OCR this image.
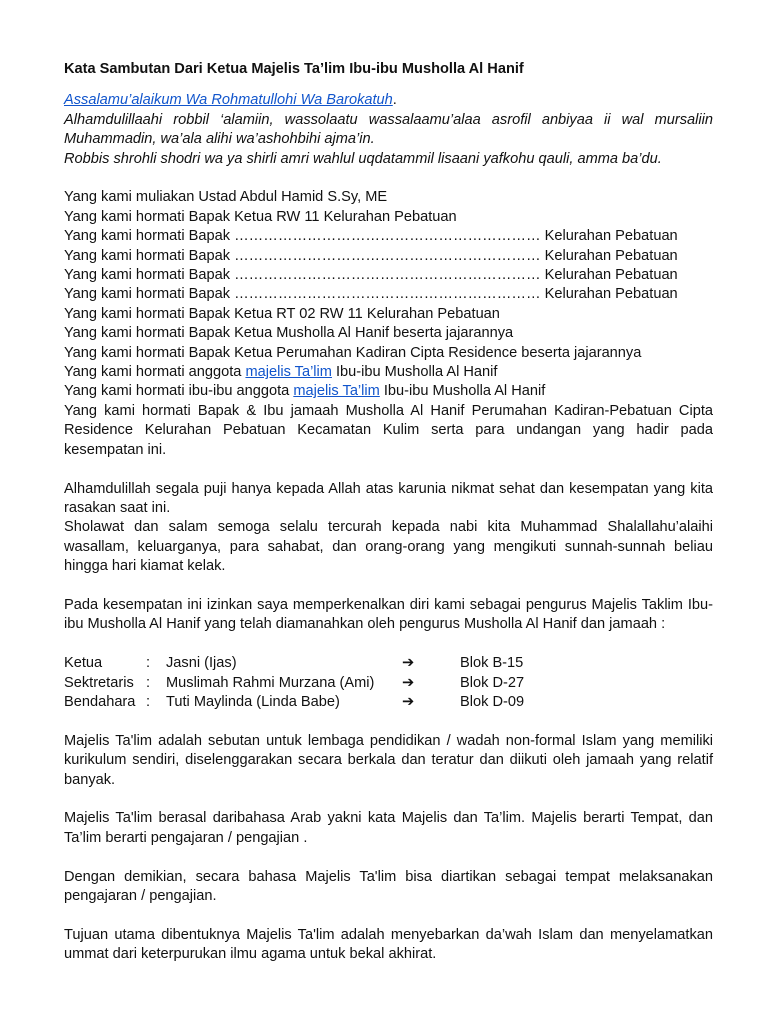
Kata Sambutan Dari Ketua Majelis Ta’lim Ibu-ibu Musholla Al Hanif

Assalamu’alaikum Wa Rohmatullohi Wa Barokatuh.

Alhamdulillaahi robbil ‘alamiin, wassolaatu wassalaamu’alaa asrofil anbiyaa ii wal mursaliin Muhammadin, wa’ala alihi wa’ashohbihi ajma’in.

Robbis shrohli shodri wa ya shirli amri wahlul uqdatammil lisaani yafkohu qauli, amma ba’du.

Yang kami muliakan Ustad Abdul Hamid S.Sy, ME

Yang kami hormati Bapak Ketua RW 11 Kelurahan Pebatuan

Yang kami hormati Bapak ……………………………………………………… Kelurahan Pebatuan

Yang kami hormati Bapak ……………………………………………………… Kelurahan Pebatuan

Yang kami hormati Bapak ……………………………………………………… Kelurahan Pebatuan

Yang kami hormati Bapak ……………………………………………………… Kelurahan Pebatuan

Yang kami hormati Bapak Ketua RT 02 RW 11 Kelurahan Pebatuan

Yang kami hormati Bapak Ketua Musholla Al Hanif beserta jajarannya

Yang kami hormati Bapak Ketua Perumahan Kadiran Cipta Residence beserta jajarannya

Yang kami hormati anggota majelis Ta’lim Ibu-ibu Musholla Al Hanif

Yang kami hormati ibu-ibu anggota majelis Ta’lim Ibu-ibu Musholla Al Hanif

Yang kami hormati Bapak & Ibu jamaah Musholla Al Hanif Perumahan Kadiran-Pebatuan Cipta Residence Kelurahan Pebatuan Kecamatan Kulim serta para undangan yang hadir pada kesempatan ini.

Alhamdulillah segala puji hanya kepada Allah atas karunia nikmat sehat dan kesempatan yang kita rasakan saat ini.

Sholawat dan salam semoga selalu tercurah kepada nabi kita Muhammad Shalallahu’alaihi wasallam, keluarganya, para sahabat, dan orang-orang yang mengikuti sunnah-sunnah beliau hingga hari kiamat kelak.

Pada kesempatan ini izinkan saya memperkenalkan diri kami sebagai pengurus Majelis Taklim Ibu-ibu Musholla Al Hanif yang telah diamanahkan oleh pengurus Musholla Al Hanif dan jamaah :

Ketua	:	Jasni (Ijas)	➔	Blok B-15
Sektretaris	:	Muslimah Rahmi Murzana (Ami)	➔	Blok D-27
Bendahara	:	Tuti Maylinda (Linda Babe)	➔	Blok D-09

Majelis Ta'lim adalah sebutan untuk lembaga pendidikan / wadah non-formal Islam yang memiliki kurikulum sendiri, diselenggarakan secara berkala dan teratur dan diikuti oleh jamaah yang relatif banyak.

Majelis Ta'lim berasal daribahasa Arab yakni kata Majelis dan Ta’lim. Majelis berarti Tempat, dan Ta’lim berarti pengajaran / pengajian .

Dengan demikian, secara bahasa Majelis Ta'lim bisa diartikan sebagai tempat melaksanakan pengajaran / pengajian.

Tujuan utama dibentuknya Majelis Ta'lim adalah menyebarkan da’wah Islam dan menyelamatkan ummat dari keterpurukan ilmu agama untuk bekal akhirat.
